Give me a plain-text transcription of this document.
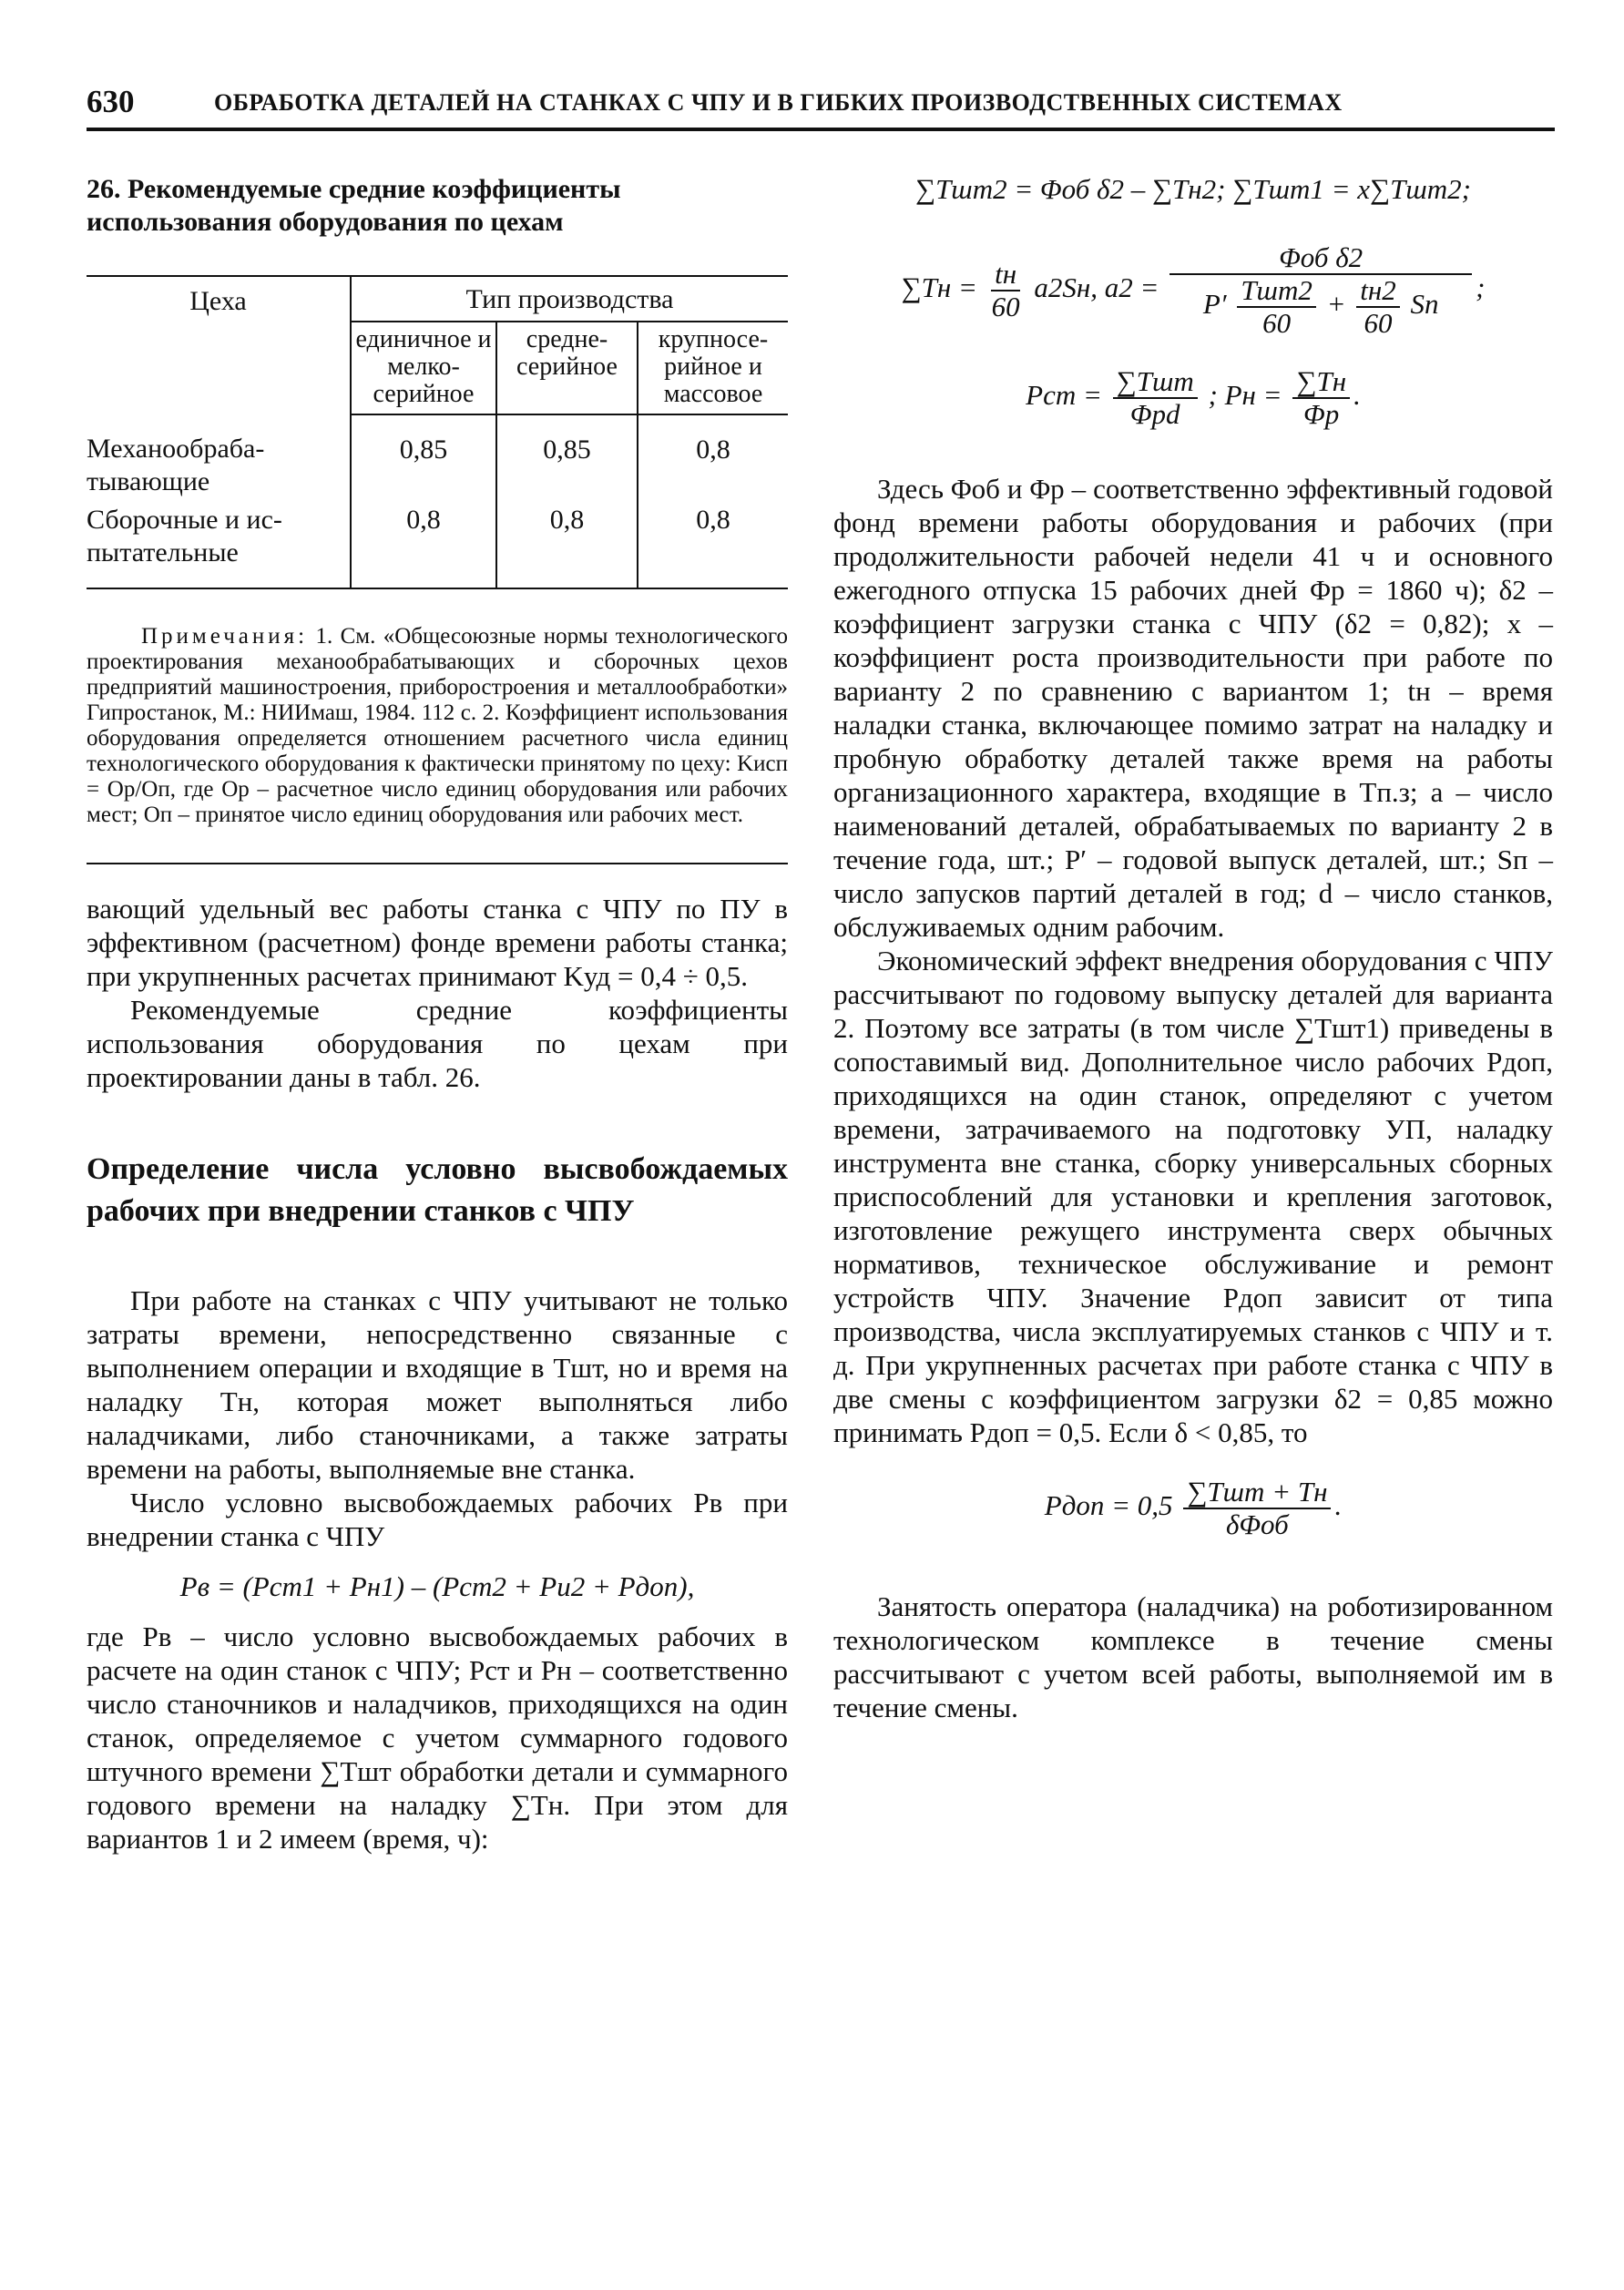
630	ОБРАБОТКА ДЕТАЛЕЙ НА СТАНКАХ С ЧПУ И В ГИБКИХ ПРОИЗВОДСТВЕННЫХ СИСТЕМАХ
26. Рекомендуемые средние коэффициенты использования оборудования по цехам
Цеха	Тип производства		
	единичное и мелко-серийное	средне-серийное	крупносе-рийное и массовое
Механообраба-тывающие	0,85	0,85	0,8
Сборочные и ис-пытательные	0,8	0,8	0,8

Примечания: 1. См. «Общесоюзные нормы технологического проектирования механообрабатывающих и сборочных цехов предприятий машиностроения, приборостроения и металлообработки» Гипростанок, М.: НИИмаш, 1984. 112 с. 2. Коэффициент использования оборудования определяется отношением расчетного числа единиц технологического оборудования к фактически принятому по цеху: Kисп = Oр/Oп, где Oр – расчетное число единиц оборудования или рабочих мест; Oп – принятое число единиц оборудования или рабочих мест.

вающий удельный вес работы станка с ЧПУ по ПУ в эффективном (расчетном) фонде времени работы станка; при укрупненных расчетах принимают Kуд = 0,4 ÷ 0,5.

Рекомендуемые средние коэффициенты использования оборудования по цехам при проектировании даны в табл. 26.

Определение числа условно высвобождаемых рабочих при внедрении станков с ЧПУ

При работе на станках с ЧПУ учитывают не только затраты времени, непосредственно связанные с выполнением операции и входящие в Tшт, но и время на наладку Tн, которая может выполняться либо наладчиками, либо станочниками, а также затраты времени на работы, выполняемые вне станка.

Число условно высвобождаемых рабочих Pв при внедрении станка с ЧПУ

Pв = (Pст1 + Pн1) – (Pст2 + Pи2 + Pдоп),

где Pв – число условно высвобождаемых рабочих в расчете на один станок с ЧПУ; Pст и Pн – соответственно число станочников и наладчиков, приходящихся на один станок, определяемое с учетом суммарного годового штучного времени ∑Tшт обработки детали и суммарного годового времени на наладку ∑Tн. При этом для вариантов 1 и 2 имеем (время, ч):

∑Tшт2 = Φоб δ2 – ∑Tн2; ∑Tшт1 = x∑Tшт2;
$\sum Tн = \frac{tн}{60} a2Sн$, a2 =
Φоб δ2
$P' \frac{\text{Tшт2}}{60} + \frac{tн2}{60}$ Sп
;
Pст = $\frac{\text{∑Tшт}}{\text{Φрd}}$ ; Pн = $\frac{\sum Tн}{\Phi р}$ .

Здесь Φоб и Φр – соответственно эффективный годовой фонд времени работы оборудования и рабочих (при продолжительности рабочей недели 41 ч и основного ежегодного отпуска 15 рабочих дней Φр = 1860 ч); δ2 – коэффициент загрузки станка с ЧПУ (δ2 = 0,82); x – коэффициент роста производительности при работе по варианту 2 по сравнению с вариантом 1; tн – время наладки станка, включающее помимо затрат на наладку и пробную обработку деталей также время на работы организационного характера, входящие в Tп.з; a – число наименований деталей, обрабатываемых по варианту 2 в течение года, шт.; P′ – годовой выпуск деталей, шт.; Sп – число запусков партий деталей в год; d – число станков, обслуживаемых одним рабочим.

Экономический эффект внедрения оборудования с ЧПУ рассчитывают по годовому выпуску деталей для варианта 2. Поэтому все затраты (в том числе ∑Tшт1) приведены в сопоставимый вид. Дополнительное число рабочих Pдоп, приходящихся на один станок, определяют с учетом времени, затрачиваемого на подготовку УП, наладку инструмента вне станка, сборку универсальных сборных приспособлений для установки и крепления заготовок, изготовление режущего инструмента сверх обычных нормативов, техническое обслуживание и ремонт устройств ЧПУ. Значение Pдоп зависит от типа производства, числа эксплуатируемых станков с ЧПУ и т. д. При укрупненных расчетах при работе станка с ЧПУ в две смены с коэффициентом загрузки δ2 = 0,85 можно принимать Pдоп = 0,5. Если δ < 0,85, то

Pдоп = $0,5 \frac{\text{∑Tшт + Tн}}{\text{δΦоб}}$ .

Занятость оператора (наладчика) на роботизированном технологическом комплексе в течение смены рассчитывают с учетом всей работы, выполняемой им в течение смены.
